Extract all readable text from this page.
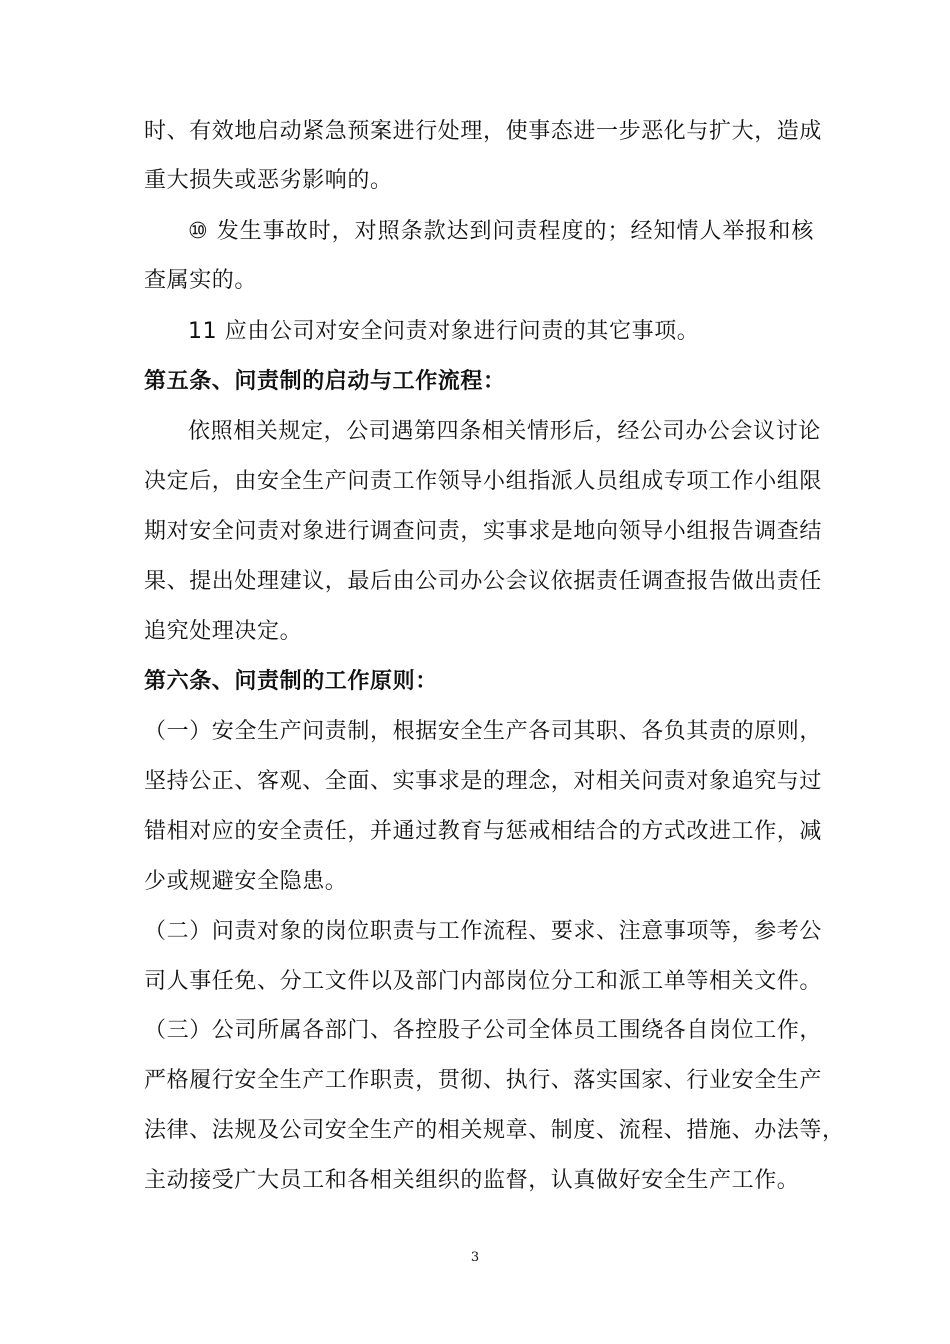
时、有效地启动紧急预案进行处理，使事态进一步恶化与扩大，造成
重大损失或恶劣影响的。
⑩ 发生事故时，对照条款达到问责程度的；经知情人举报和核
查属实的。
11 应由公司对安全问责对象进行问责的其它事项。
第五条、问责制的启动与工作流程：
依照相关规定，公司遇第四条相关情形后，经公司办公会议讨论
决定后，由安全生产问责工作领导小组指派人员组成专项工作小组限
期对安全问责对象进行调查问责，实事求是地向领导小组报告调查结
果、提出处理建议，最后由公司办公会议依据责任调查报告做出责任
追究处理决定。
第六条、问责制的工作原则：
（一）安全生产问责制，根据安全生产各司其职、各负其责的原则，
坚持公正、客观、全面、实事求是的理念，对相关问责对象追究与过
错相对应的安全责任，并通过教育与惩戒相结合的方式改进工作，减
少或规避安全隐患。
（二）问责对象的岗位职责与工作流程、要求、注意事项等，参考公
司人事任免、分工文件以及部门内部岗位分工和派工单等相关文件。
（三）公司所属各部门、各控股子公司全体员工围绕各自岗位工作，
严格履行安全生产工作职责，贯彻、执行、落实国家、行业安全生产
法律、法规及公司安全生产的相关规章、制度、流程、措施、办法等，
主动接受广大员工和各相关组织的监督，认真做好安全生产工作。
3
